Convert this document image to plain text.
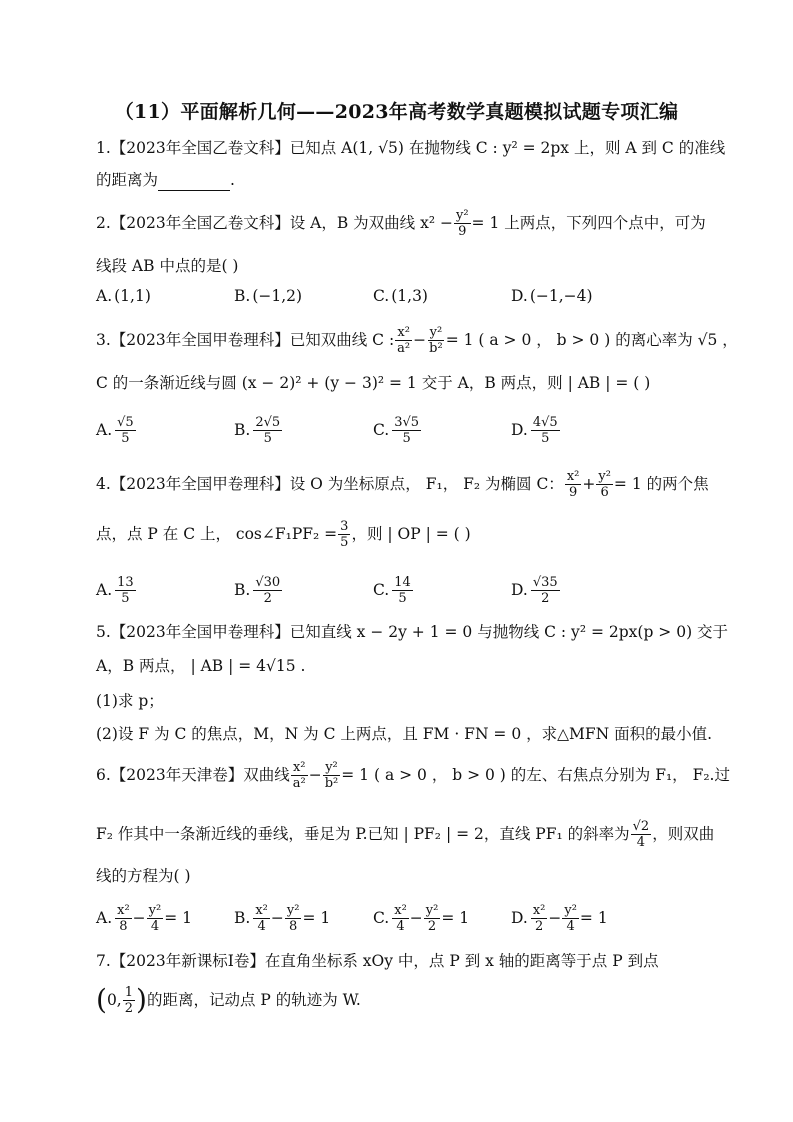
（11）平面解析几何——2023年高考数学真题模拟试题专项汇编
1.【2023年全国乙卷文科】已知点 A(1, √5) 在抛物线 C : y² = 2px 上，则 A 到 C 的准线
的距离为	.
2.【2023年全国乙卷文科】设 A，B 为双曲线 $x^2 - \frac{\text{y²}}{9} = 1$ 上两点，下列四个点中，可为
线段 AB 中点的是( )
A. (1,1)	B. (−1,2)	C. (1,3)	D. (−1,−4)
3.【2023年全国甲卷理科】已知双曲线 C : $\frac{\text{x²}}{\text{a²}} - \frac{\text{y²}}{\text{b²}} = 1$ ( a > 0 ， b > 0 ) 的离心率为 √5 ，
C 的一条渐近线与圆 (x − 2)² + (y − 3)² = 1 交于 A，B 两点，则 | AB | = ( )
A. $\frac{√5}{5}$	B. $\frac{2√5}{5}$	C. $\frac{3√5}{5}$	D. $\frac{4√5}{5}$
4.【2023年全国甲卷理科】设 O 为坐标原点， F₁， F₂ 为椭圆 C： $\frac{\text{x²}}{9} + \frac{\text{y²}}{6} = 1$ 的两个焦
点，点 P 在 C 上， cos∠F₁PF₂ = $\frac{3}{5}$ ，则 | OP | = ( )
A. $\frac{13}{5}$	B. $\frac{√30}{2}$	C. $\frac{14}{5}$	D. $\frac{√35}{2}$
5.【2023年全国甲卷理科】已知直线 x − 2y + 1 = 0 与抛物线 C : y² = 2px(p > 0) 交于
A，B 两点， | AB | = 4√15 .
(1)求 p；
(2)设 F 为 C 的焦点，M，N 为 C 上两点，且 FM · FN = 0 ，求△MFN 面积的最小值.
6.【2023年天津卷】双曲线 $\frac{\text{x²}}{\text{a²}} - \frac{\text{y²}}{\text{b²}} = 1$ ( a > 0 ， b > 0 ) 的左、右焦点分别为 F₁， F₂.过
F₂ 作其中一条渐近线的垂线，垂足为 P.已知 | PF₂ | = 2，直线 PF₁ 的斜率为 $\frac{√2}{4}$ ，则双曲
线的方程为( )
A. $\frac{\text{x²}}{8} - \frac{\text{y²}}{4} = 1$	B. $\frac{\text{x²}}{4} - \frac{\text{y²}}{8} = 1$	C. $\frac{\text{x²}}{4} - \frac{\text{y²}}{2} = 1$	D. $\frac{\text{x²}}{2} - \frac{\text{y²}}{4} = 1$
7.【2023年新课标Ⅰ卷】在直角坐标系 xOy 中，点 P 到 x 轴的距离等于点 P 到点
( 0, $\frac{1}{2}$ ) 的距离，记动点 P 的轨迹为 W.
